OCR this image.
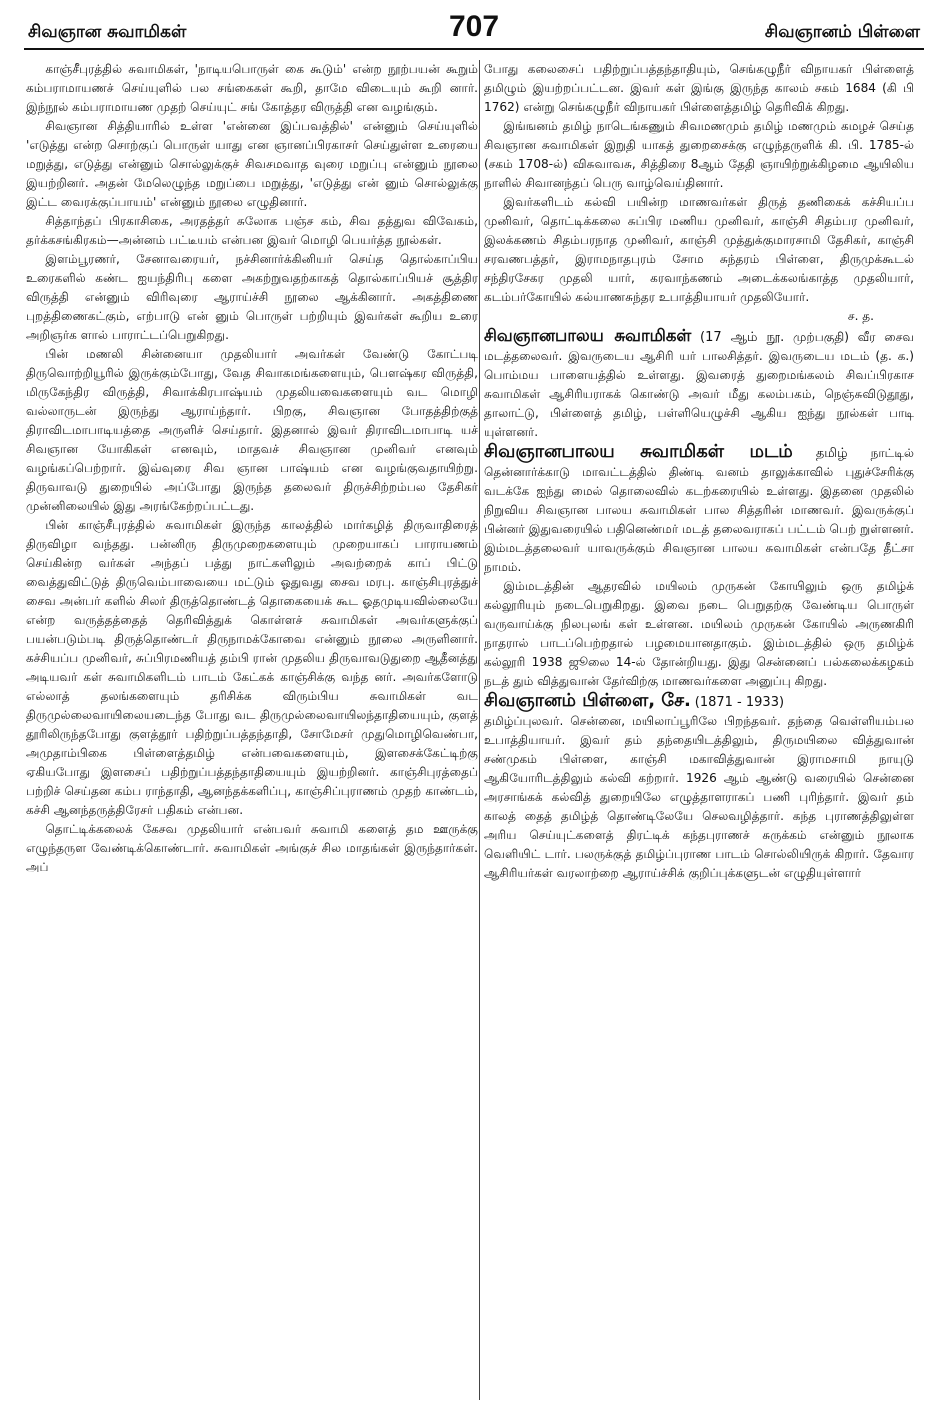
சிவஞான சுவாமிகள்	707	சிவஞானம் பிள்ளை

காஞ்சீபுரத்தில் சுவாமிகள், 'நாடியபொருள் கை கூடும்' என்ற நூற்பயன் கூறும் கம்பராமாயணச் செய்யுளில் பல சங்கைகள் கூறி, தாமே விடையும் கூறி னார். இந்நூல் கம்பராமாயண முதற் செய்யுட் சங் கோத்தர விருத்தி என வழங்கும்.

சிவஞான சித்தியாரில் உள்ள 'என்னை இப்பவத்தில்' என்னும் செய்யுளில் 'எடுத்து என்ற சொற்குப் பொருள் யாது என ஞானப்பிரகாசர் செய்துள்ள உரையை மறுத்து, எடுத்து என்னும் சொல்லுக்குச் சிவசமவாத வுரை மறுப்பு என்னும் நூலை இயற்றினர். அதன் மேலெழுந்த மறுப்பை மறுத்து, 'எடுத்து என் னும் சொல்லுக்கு இட்ட வைரக்குப்பாயம்' என்னும் நூலை எழுதினார்.

சித்தாந்தப் பிரகாசிகை, அரதத்தர் சுலோக பஞ்ச கம், சிவ தத்துவ விவேகம், தர்க்கசங்கிரகம்—அன்னம் பட்டீயம் என்பன இவர் மொழி பெயர்த்த நூல்கள்.

இளம்பூரணர், சேனாவரையர், நச்சினார்க்கினியர் செய்த தொல்காப்பிய உரைகளில் கண்ட ஐயந்திரிபு களை அகற்றுவதற்காகத் தொல்காப்பியச் சூத்திர விருத்தி என்னும் விரிவுரை ஆராய்ச்சி நூலை ஆக்கினார். அகத்திணை புறத்திணைகட்கும், எற்பாடு என் னும் பொருள் பற்றியும் இவர்கள் கூறிய உரை அறிஞர்க ளால் பாராட்டப்பெறுகிறது.

பின் மணலி சின்னையா முதலியார் அவர்கள் வேண்டு கோட்படி திருவொற்றியூரில் இருக்கும்போது, வேத சிவாகமங்களையும், பௌஷ்கர விருத்தி, மிருகேந்திர விருத்தி, சிவாக்கிரபாஷ்யம் முதலியவைகளையும் வட மொழி வல்லாருடன் இருந்து ஆராய்ந்தார். பிறகு, சிவஞான போதத்திற்குத் திராவிடமாபாடியத்தை அருளிச் செய்தார். இதனால் இவர் திராவிடமாபாடி யச் சிவஞான யோகிகள் எனவும், மாதவச் சிவஞான முனிவர் எனவும் வழங்கப்பெற்றார். இவ்வுரை சிவ ஞான பாஷ்யம் என வழங்குவதாயிற்று. திருவாவடு துறையில் அப்போது இருந்த தலைவர் திருச்சிற்றம்பல தேசிகர் முன்னிலையில் இது அரங்கேற்றப்பட்டது.

பின் காஞ்சீபுரத்தில் சுவாமிகள் இருந்த காலத்தில் மார்கழித் திருவாதிரைத் திருவிழா வந்தது. பன்னிரு திருமுறைகளையும் முறையாகப் பாராயணம் செய்கின்ற வர்கள் அந்தப் பத்து நாட்களிலும் அவற்றைக் காப் பிட்டு வைத்துவிட்டுத் திருவெம்பாவையை மட்டும் ஓதுவது சைவ மரபு. காஞ்சிபுரத்துச் சைவ அன்பர் களில் சிலர் திருத்தொண்டத் தொகையைக் கூட ஓதமுடியவில்லையே என்ற வருத்தத்தைத் தெரிவித்துக் கொள்ளச் சுவாமிகள் அவர்களுக்குப் பயன்படும்படி திருத்தொண்டர் திருநாமக்கோவை என்னும் நூலை அருளினார். கச்சியப்ப முனிவர், சுப்பிரமணியத் தம்பி ரான் முதலிய திருவாவடுதுறை ஆதீனத்து அடியவர் கள் சுவாமிகளிடம் பாடம் கேட்கக் காஞ்சிக்கு வந்த னர். அவர்களோடு எல்லாத் தலங்களையும் தரிசிக்க விரும்பிய சுவாமிகள் வட திருமுல்லைவாயிலையடைந்த போது வட திருமுல்லைவாயிலந்தாதியையும், குளத் தூரிலிருந்தபோது குளத்தூர் பதிற்றுப்பத்தந்தாதி, சோமேசர் முதுமொழிவெண்பா, அமுதாம்பிகை பிள்ளைத்தமிழ் என்பவைகளையும், இளசைக்கேட்டிற்கு ஏகியபோது இளசைப் பதிற்றுப்பத்தந்தாதியையும் இயற்றினர். காஞ்சிபுரத்தைப் பற்றிச் செய்தன கம்ப ராந்தாதி, ஆனந்தக்களிப்பு, காஞ்சிப்புராணம் முதற் காண்டம், கச்சி ஆனந்தருத்திரேசர் பதிகம் என்பன.

தொட்டிக்கலைக் கேசவ முதலியார் என்பவர் சுவாமி களைத் தம ஊருக்கு எழுந்தருள வேண்டிக்கொண்டார். சுவாமிகள் அங்குச் சில மாதங்கள் இருந்தார்கள். அப்

போது கலைசைப் பதிற்றுப்பத்தந்தாதியும், செங்கழுநீர் விநாயகர் பிள்ளைத் தமிழும் இயற்றப்பட்டன. இவர் கள் இங்கு இருந்த காலம் சகம் 1684 (கி பி 1762) என்று செங்கழுநீர் விநாயகர் பிள்ளைத்தமிழ் தெரிவிக் கிறது.

இங்ஙனம் தமிழ் நாடெங்கணும் சிவமணமும் தமிழ் மணமும் கமழச் செய்த சிவஞான சுவாமிகள் இறுதி யாகத் துறைசைக்கு எழுந்தருளிக் கி. பி. 1785-ல் (சகம் 1708-ல்) விசுவாவசு, சித்திரை 8ஆம் தேதி ஞாயிற்றுக்கிழமை ஆயிலிய நாளில் சிவானந்தப் பெரு வாழ்வெய்தினார்.

இவர்களிடம் கல்வி பயின்ற மாணவர்கள் திருத் தணிகைக் கச்சியப்ப முனிவர், தொட்டிக்கலை சுப்பிர மணிய முனிவர், காஞ்சி சிதம்பர முனிவர், இலக்கணம் சிதம்பரநாத முனிவர், காஞ்சி முத்துக்குமாரசாமி தேசிகர், காஞ்சி சரவணபத்தர், இராமநாதபுரம் சோம சுந்தரம் பிள்ளை, திருமுக்கூடல் சந்திரசேகர முதலி யார், கரவாந்கணம் அடைக்கலங்காத்த முதலியார், கடம்பர்கோயில் கல்யாணசுந்தர உபாத்தியாயர் முதலியோர்.

ச. த.

சிவஞானபாலய சுவாமிகள் (17 ஆம் நூ. முற்பகுதி) வீர சைவ மடத்தலைவர். இவருடைய ஆசிரி யர் பாலசித்தர். இவருடைய மடம் (த. க.) பொம்மய பாளையத்தில் உள்ளது. இவரைத் துறைமங்கலம் சிவப்பிரகாச சுவாமிகள் ஆசிரியராகக் கொண்டு அவர் மீது கலம்பகம், நெஞ்சுவிடுதூது, தாலாட்டு, பிள்ளைத் தமிழ், பள்ளியெழுச்சி ஆகிய ஐந்து நூல்கள் பாடி யுள்ளனர்.

சிவஞானபாலய சுவாமிகள் மடம் தமிழ் நாட்டில் தென்னார்க்காடு மாவட்டத்தில் திண்டி வனம் தாலுக்காவில் புதுச்சேரிக்கு வடக்கே ஐந்து மைல் தொலைவில் கடற்கரையில் உள்ளது. இதனை முதலில் நிறுவிய சிவஞான பாலய சுவாமிகள் பால சித்தரின் மாணவர். இவருக்குப் பின்னர் இதுவரையில் பதினெண்மர் மடத் தலைவராகப் பட்டம் பெற் றுள்ளனர். இம்மடத்தலைவர் யாவருக்கும் சிவஞான பாலய சுவாமிகள் என்பதே தீட்சா நாமம்.

இம்மடத்தின் ஆதரவில் மயிலம் முருகன் கோயிலும் ஒரு தமிழ்க் கல்லூரியும் நடைபெறுகிறது. இவை நடை பெறுதற்கு வேண்டிய பொருள் வருவாய்க்கு நிலபுலங் கள் உள்ளன. மயிலம் முருகன் கோயில் அருணகிரி நாதரால் பாடப்பெற்றதால் பழமையானதாகும். இம்மடத்தில் ஒரு தமிழ்க் கல்லூரி 1938 ஜூலை 14-ல் தோன்றியது. இது சென்னைப் பல்கலைக்கழகம் நடத் தும் வித்துவான் தேர்விற்கு மாணவர்களை அனுப்பு கிறது.

சிவஞானம் பிள்ளை, சே. (1871 - 1933)

தமிழ்ப்புலவர். சென்னை, மயிலாப்பூரிலே பிறந்தவர். தந்தை வெள்ளியம்பல உபாத்தியாயர். இவர் தம் தந்தையிடத்திலும், திருமயிலை வித்துவான் சண்முகம் பிள்ளை, காஞ்சி மகாவித்துவான் இராமசாமி நாயுடு ஆகியோரிடத்திலும் கல்வி கற்றார். 1926 ஆம் ஆண்டு வரையில் சென்னை அரசாங்கக் கல்வித் துறையிலே எழுத்தாளராகப் பணி புரிந்தார். இவர் தம் காலத் தைத் தமிழ்த் தொண்டிலேயே செலவழித்தார். கந்த புராணத்திலுள்ள அரிய செய்யுட்களைத் திரட்டிக் கந்தபுராணச் சுருக்கம் என்னும் நூலாக வெளியிட் டார். பலருக்குத் தமிழ்ப்புராண பாடம் சொல்லியிருக் கிறார். தேவார ஆசிரியர்கள் வரலாற்றை ஆராய்ச்சிக் குறிப்புக்களுடன் எழுதியுள்ளார்
